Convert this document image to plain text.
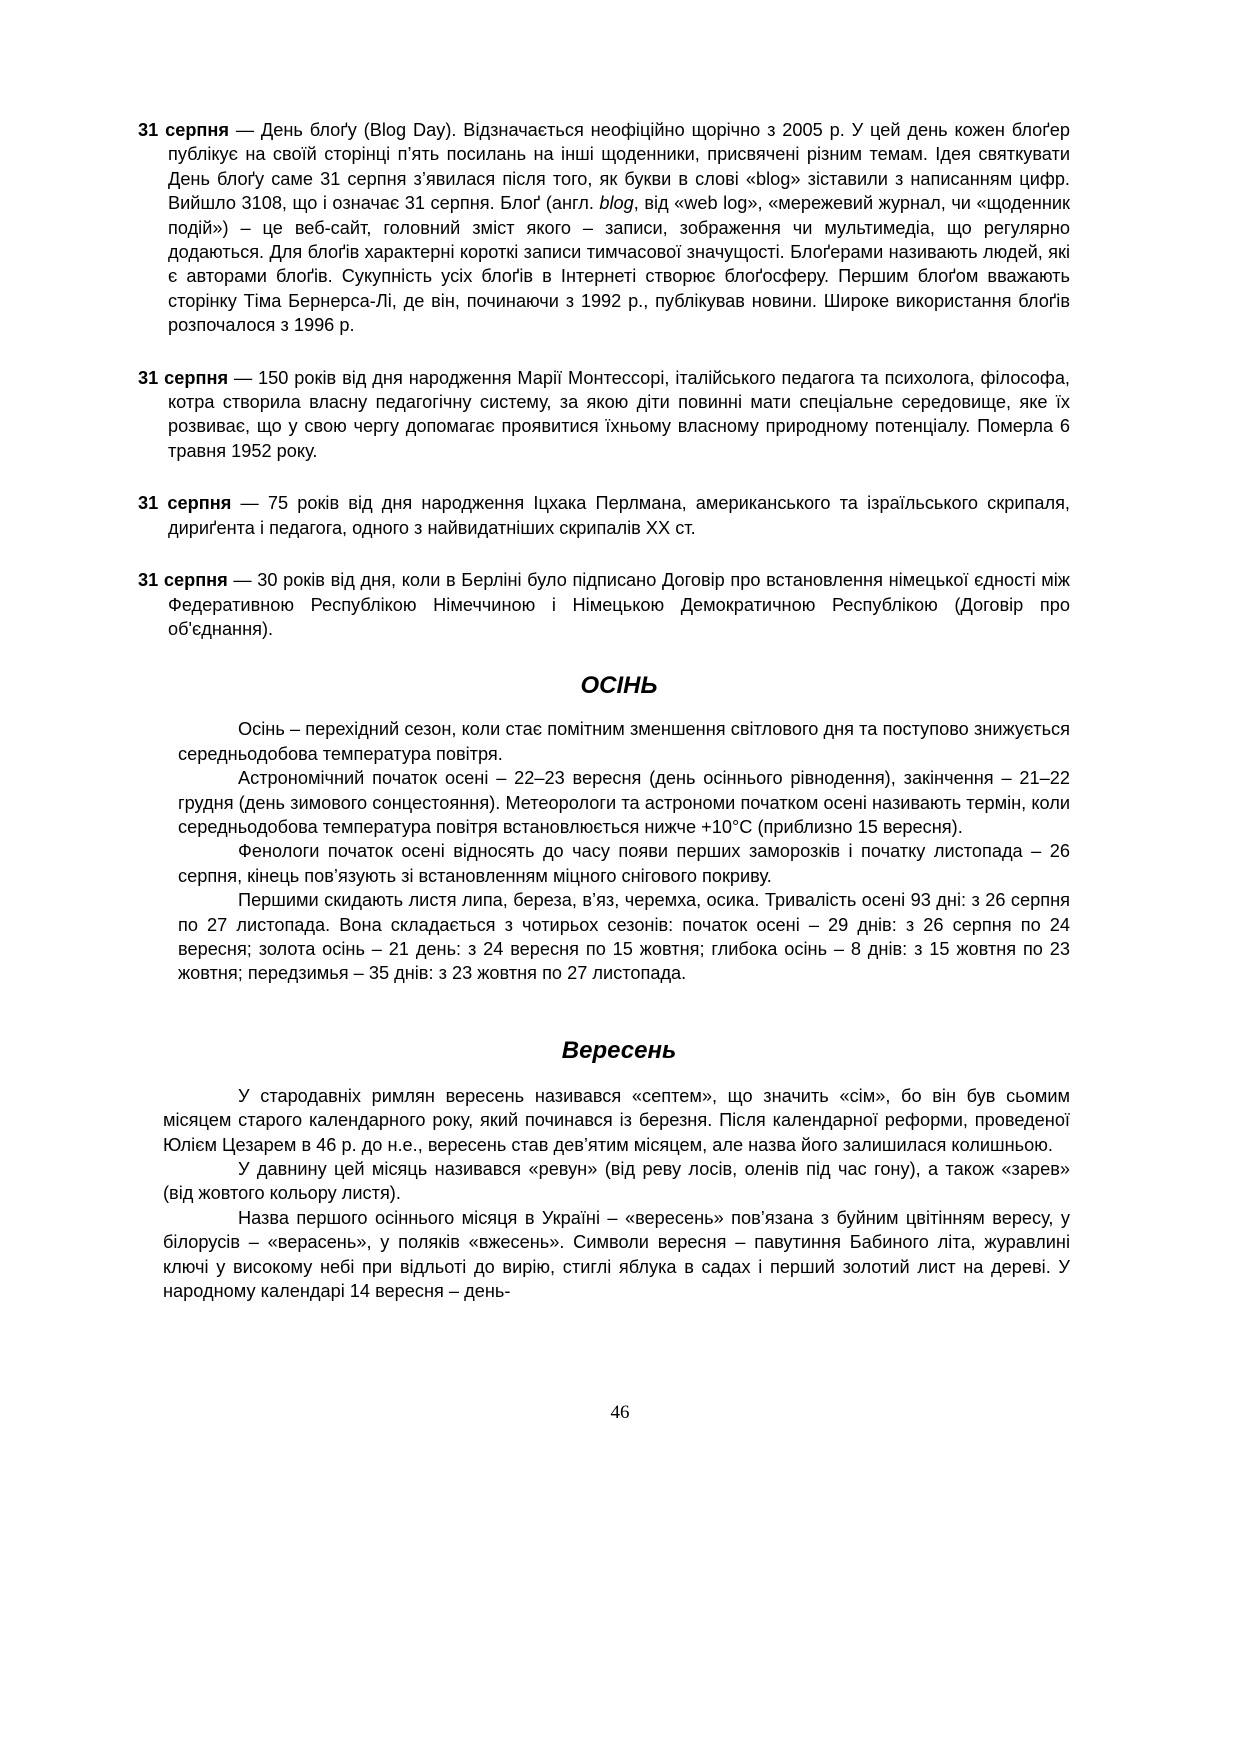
31 серпня — День блоґу (Blog Day). Відзначається неофіційно щорічно з 2005 р. У цей день кожен блоґер публікує на своїй сторінці п’ять посилань на інші щоденники, присвячені різним темам. Ідея святкувати День блоґу саме 31 серпня з’явилася після того, як букви в слові «blog» зіставили з написанням цифр. Вийшло 3108, що і означає 31 серпня. Блоґ (англ. blog, від «web log», «мережевий журнал, чи «щоденник подій») – це веб-сайт, головний зміст якого – записи, зображення чи мультимедіа, що регулярно додаються. Для блоґів характерні короткі записи тимчасової значущості. Блоґерами називають людей, які є авторами блоґів. Сукупність усіх блоґів в Інтернеті створює блоґосферу. Першим блоґом вважають сторінку Тіма Бернерса-Лі, де він, починаючи з 1992 р., публікував новини. Широке використання блоґів розпочалося з 1996 р.

31 серпня — 150 років від дня народження Марії Монтессорі, італійського педагога та психолога, філософа, котра створила власну педагогічну систему, за якою діти повинні мати спеціальне середовище, яке їх розвиває, що у свою чергу допомагає проявитися їхньому власному природному потенціалу. Померла 6 травня 1952 року.

31 серпня — 75 років від дня народження Іцхака Перлмана, американського та ізраїльського скрипаля, дириґента і педагога, одного з найвидатніших скрипалів ХХ ст.

31 серпня — 30 років від дня, коли в Берліні було підписано Договір про встановлення німецької єдності між Федеративною Республікою Німеччиною і Німецькою Демократичною Республікою (Договір про об'єднання).

ОСІНЬ

Осінь – перехідний сезон, коли стає помітним зменшення світлового дня та поступово знижується середньодобова температура повітря.

Астрономічний початок осені – 22–23 вересня (день осіннього рівнодення), закінчення – 21–22 грудня (день зимового сонцестояння). Метеорологи та астрономи початком осені називають термін, коли середньодобова температура повітря встановлюється нижче +10°C (приблизно 15 вересня).

Фенологи початок осені відносять до часу появи перших заморозків і початку листопада – 26 серпня, кінець пов’язують зі встановленням міцного снігового покриву.

Першими скидають листя липа, береза, в’яз, черемха, осика. Тривалість осені 93 дні: з 26 серпня по 27 листопада. Вона складається з чотирьох сезонів: початок осені – 29 днів: з 26 серпня по 24 вересня; золота осінь – 21 день: з 24 вересня по 15 жовтня; глибока осінь – 8 днів: з 15 жовтня по 23 жовтня; передзимья – 35 днів: з 23 жовтня по 27 листопада.

Вересень

У стародавніх римлян вересень називався «септем», що значить «сім», бо він був сьомим місяцем старого календарного року, який починався із березня. Після календарної реформи, проведеної Юлієм Цезарем в 46 р. до н.е., вересень став дев’ятим місяцем, але назва його залишилася колишньою.

У давнину цей місяць називався «ревун» (від реву лосів, оленів під час гону), а також «зарев» (від жовтого кольору листя).

Назва першого осіннього місяця в Україні – «вересень» пов’язана з буйним цвітінням вересу, у білорусів – «верасень», у поляків «вжесень». Символи вересня – павутиння Бабиного літа, журавлині ключі у високому небі при відльоті до вирію, стиглі яблука в садах і перший золотий лист на дереві. У народному календарі 14 вересня – день-

46
